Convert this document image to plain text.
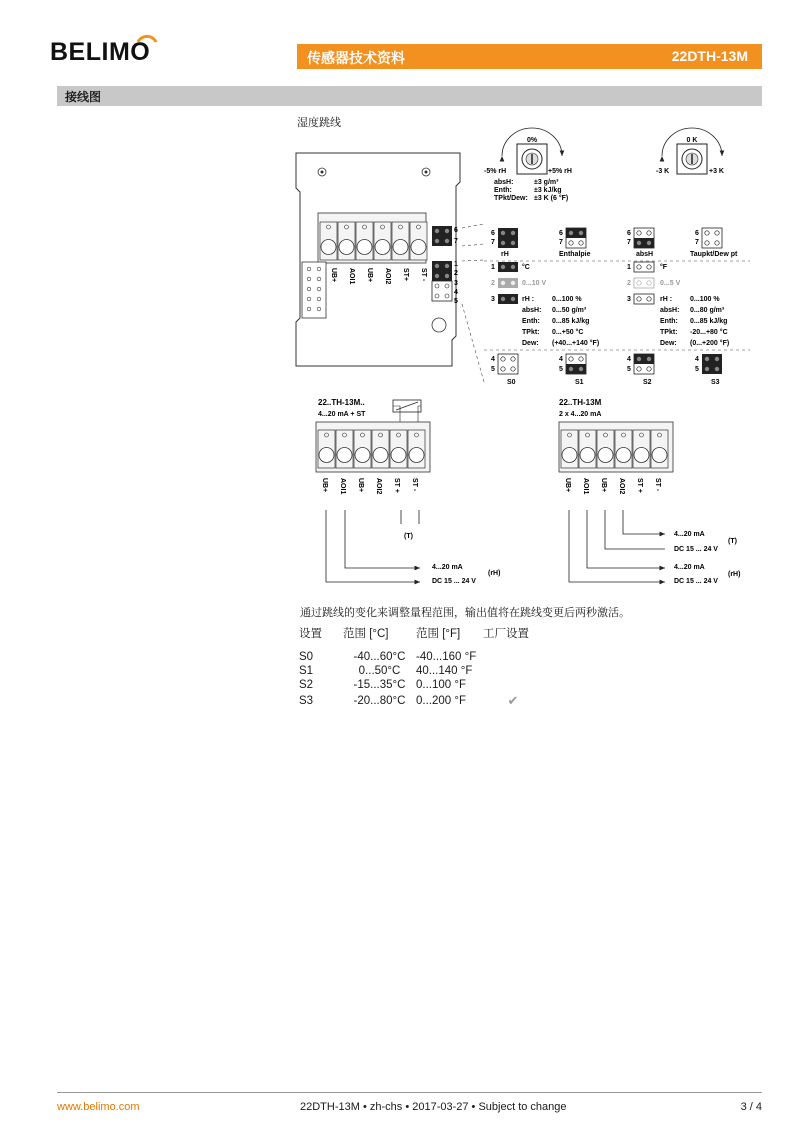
BELIMO	传感器技术资料	22DTH-13M
接线图
湿度跳线
UB+ AOI1 UB+ AOI2 ST+ ST -
6
7
1
2
3
4
5
0%
-5% rH	+5% rH
absH:	±3 g/m³
Enth:	±3 kJ/kg
TPkt/Dew: ±3 K (6 °F)
0 K
-3 K	+3 K
6
7
rH
6
7
Enthalpie
6
7
absH
6
7
Taupkt/Dew pt
1	°C
2	0...10 V
3	rH :	0...100 %
absH: 0...50 g/m³
Enth: 0...85 kJ/kg
TPkt: 0...+50 °C
Dew: (+40...+140 °F)
1	°F
2	0...5 V
3	rH :	0...100 %
absH: 0...80 g/m³
Enth: 0...85 kJ/kg
TPkt: -20...+80 °C
Dew: (0...+200 °F)
4
5
S0
4
5
S1
4
5
S2
4
5
S3
22..TH-13M..
4...20 mA + ST
UB+ AOI1 UB+ AOI2 ST + ST -
(T)
4...20 mA
(rH)
DC 15 ... 24 V
22..TH-13M
2 x 4...20 mA
UB+ AOI1 UB+ AOI2 ST + ST -
4...20 mA
(T)
DC 15 ... 24 V
4...20 mA
(rH)
DC 15 ... 24 V
通过跳线的变化来调整量程范围，输出值将在跳线变更后两秒激活。
设置	范围 [°C]	范围 [°F]	工厂设置
S0	-40...60°C	-40...160 °F	
S1	0...50°C	40...140 °F	
S2	-15...35°C	0...100 °F	
S3	-20...80°C	0...200 °F	✔
www.belimo.com	22DTH-13M • zh-chs • 2017-03-27 • Subject to change	3 / 4
